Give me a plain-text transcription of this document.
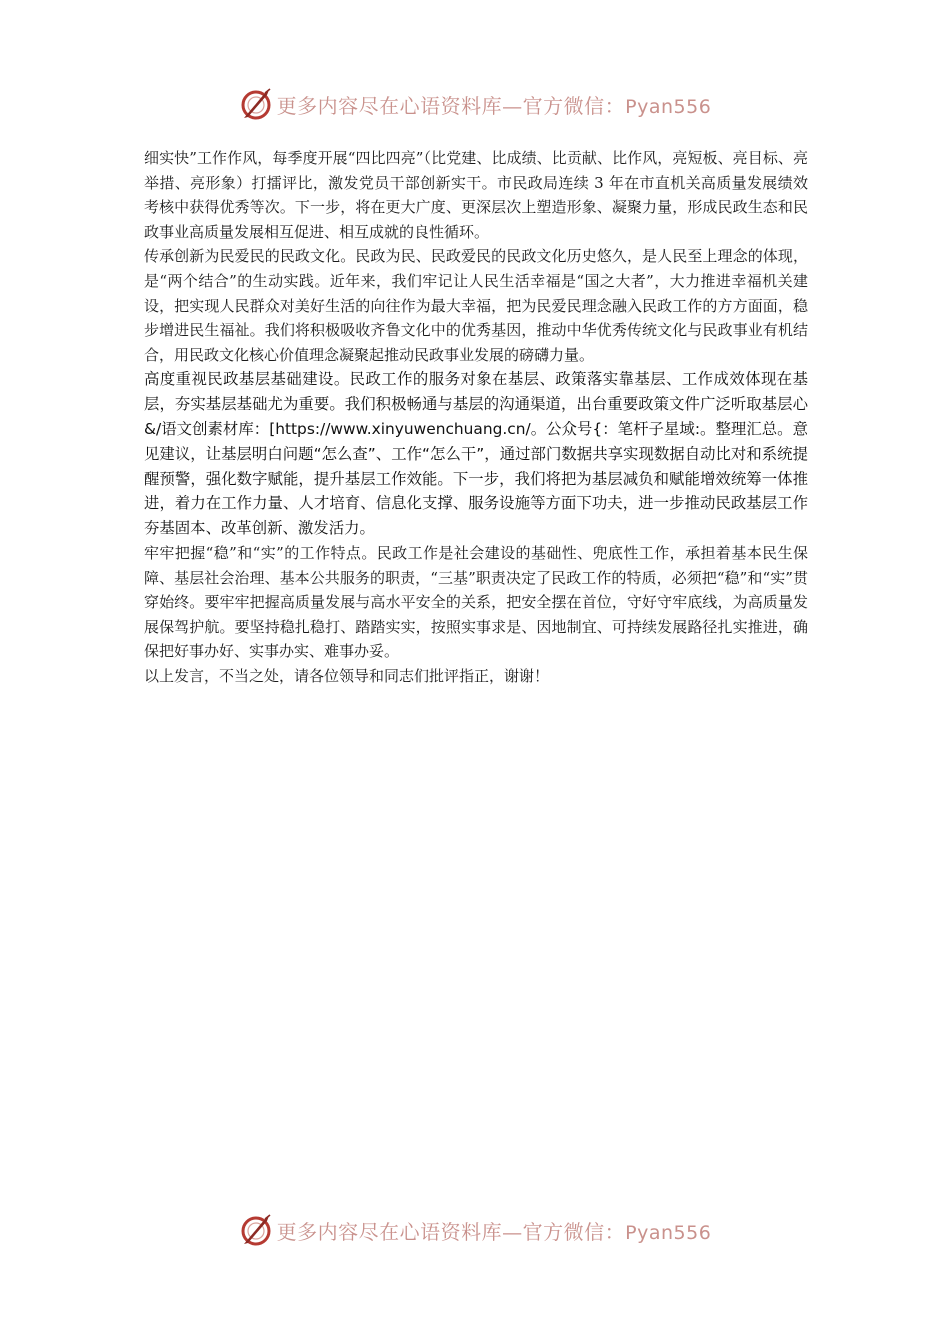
更多内容尽在心语资料库—官方微信：Pyan556

细实快”工作作风，每季度开展“四比四亮”（比党建、比成绩、比贡献、比作风，亮短板、亮目标、亮举措、亮形象）打擂评比，激发党员干部创新实干。市民政局连续 3 年在市直机关高质量发展绩效考核中获得优秀等次。下一步，将在更大广度、更深层次上塑造形象、凝聚力量，形成民政生态和民政事业高质量发展相互促进、相互成就的良性循环。

传承创新为民爱民的民政文化。民政为民、民政爱民的民政文化历史悠久，是人民至上理念的体现，是“两个结合”的生动实践。近年来，我们牢记让人民生活幸福是“国之大者”，大力推进幸福机关建设，把实现人民群众对美好生活的向往作为最大幸福，把为民爱民理念融入民政工作的方方面面，稳步增进民生福祉。我们将积极吸收齐鲁文化中的优秀基因，推动中华优秀传统文化与民政事业有机结合，用民政文化核心价值理念凝聚起推动民政事业发展的磅礴力量。

高度重视民政基层基础建设。民政工作的服务对象在基层、政策落实靠基层、工作成效体现在基层，夯实基层基础尤为重要。我们积极畅通与基层的沟通渠道，出台重要政策文件广泛听取基层心&/语文创素材库：[https://www.xinyuwenchuang.cn/。公众号{：笔杆子星域:。整理汇总。意见建议，让基层明白问题“怎么查”、工作“怎么干”，通过部门数据共享实现数据自动比对和系统提醒预警，强化数字赋能，提升基层工作效能。下一步，我们将把为基层减负和赋能增效统筹一体推进，着力在工作力量、人才培育、信息化支撑、服务设施等方面下功夫，进一步推动民政基层工作夯基固本、改革创新、激发活力。

牢牢把握“稳”和“实”的工作特点。民政工作是社会建设的基础性、兜底性工作，承担着基本民生保障、基层社会治理、基本公共服务的职责，“三基”职责决定了民政工作的特质，必须把“稳”和“实”贯穿始终。要牢牢把握高质量发展与高水平安全的关系，把安全摆在首位，守好守牢底线，为高质量发展保驾护航。要坚持稳扎稳打、踏踏实实，按照实事求是、因地制宜、可持续发展路径扎实推进，确保把好事办好、实事办实、难事办妥。

以上发言，不当之处，请各位领导和同志们批评指正，谢谢！

更多内容尽在心语资料库—官方微信：Pyan556
